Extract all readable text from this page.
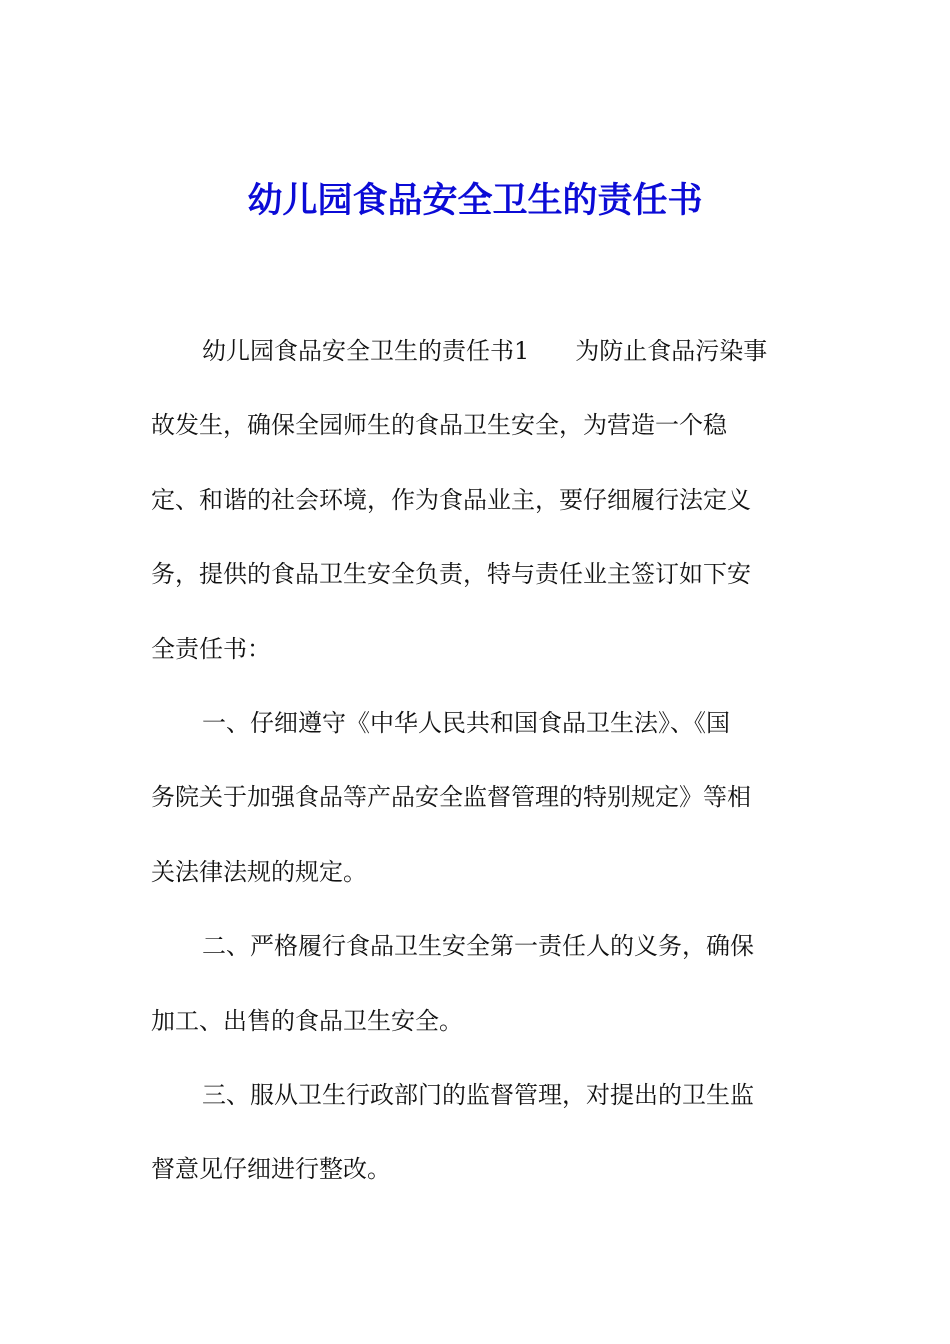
幼儿园食品安全卫生的责任书
幼儿园食品安全卫生的责任书1 为防止食品污染事
故发生，确保全园师生的食品卫生安全，为营造一个稳
定、和谐的社会环境，作为食品业主，要仔细履行法定义
务，提供的食品卫生安全负责，特与责任业主签订如下安
全责任书：
一、仔细遵守《中华人民共和国食品卫生法》、《国
务院关于加强食品等产品安全监督管理的特别规定》等相
关法律法规的规定。
二、严格履行食品卫生安全第一责任人的义务，确保
加工、出售的食品卫生安全。
三、服从卫生行政部门的监督管理，对提出的卫生监
督意见仔细进行整改。
